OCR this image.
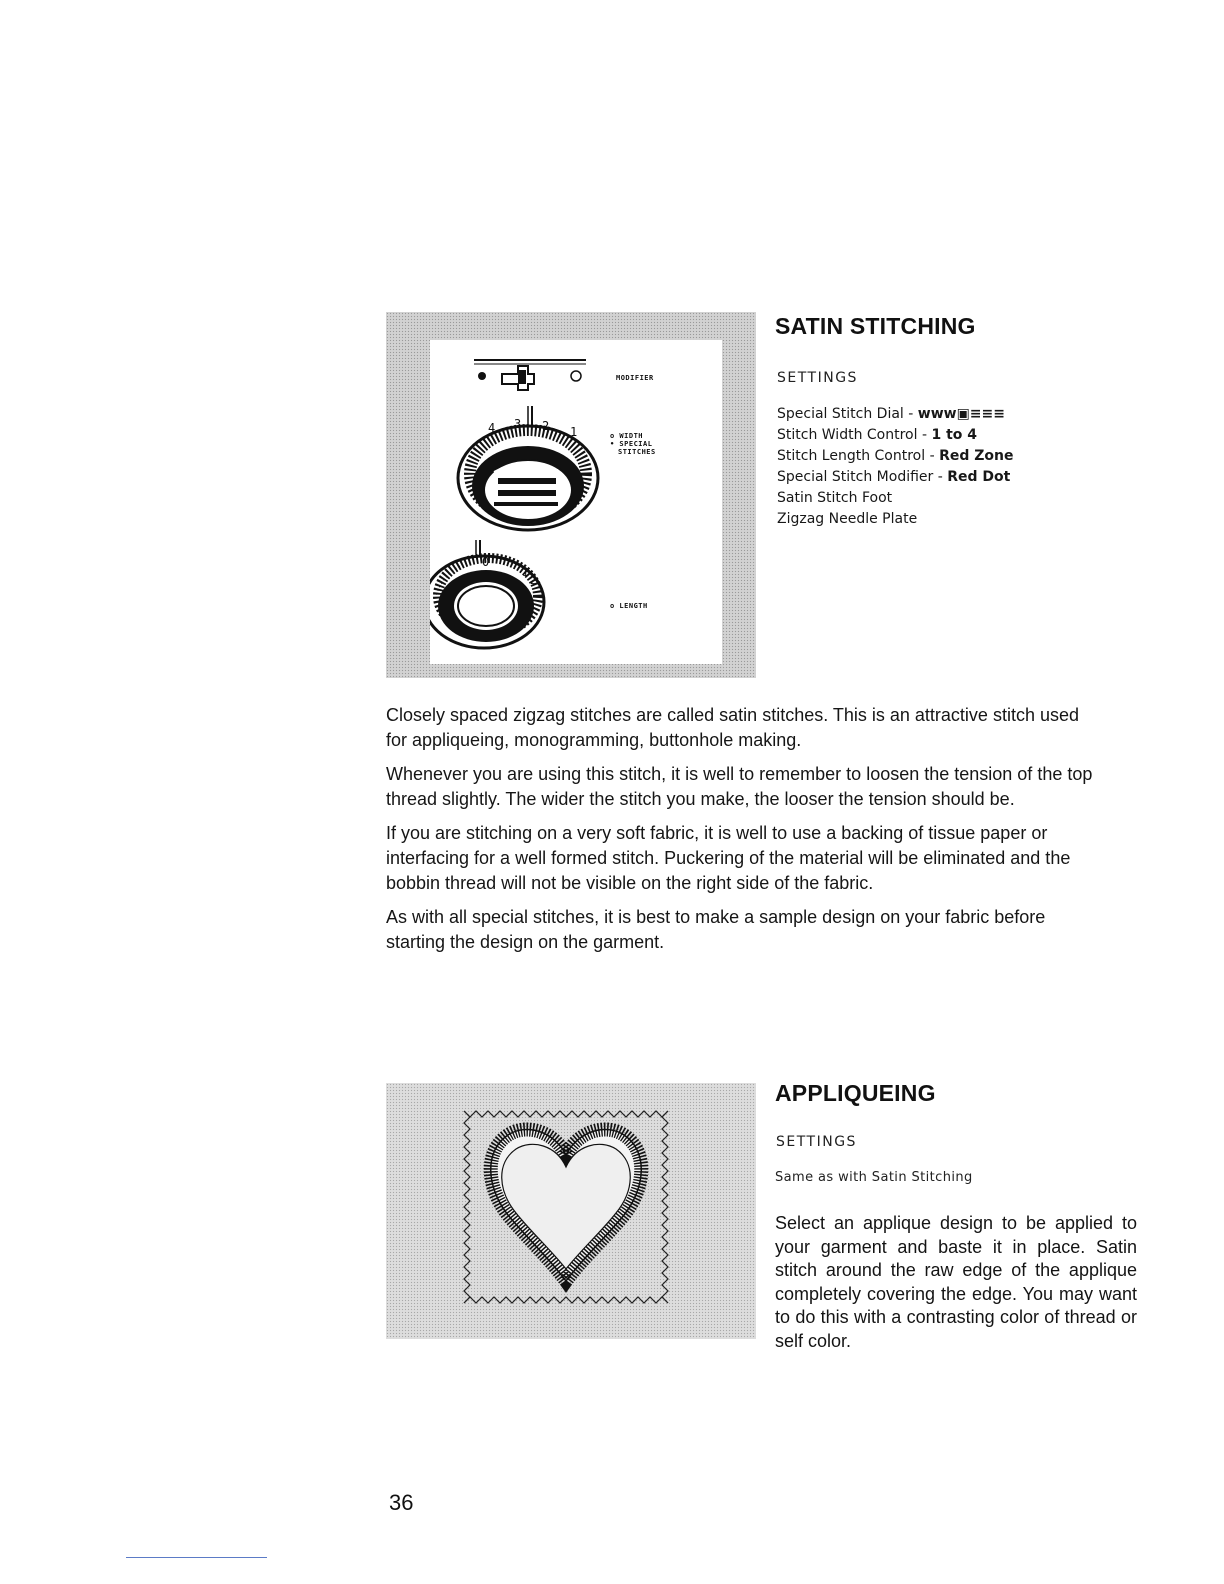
4 3 2 1
0
1
2
MODIFIER
o WIDTH
• SPECIAL
STITCHES
o LENGTH
SATIN STITCHING
SETTINGS
Special Stitch Dial - ᴡᴡᴡ▣≡≡≡
Stitch Width Control - 1 to 4
Stitch Length Control - Red Zone
Special Stitch Modifier - Red Dot
Satin Stitch Foot
Zigzag Needle Plate

Closely spaced zigzag stitches are called satin stitches. This is an attractive stitch used for appliqueing, monogramming, buttonhole making.

Whenever you are using this stitch, it is well to remember to loosen the tension of the top thread slightly. The wider the stitch you make, the looser the tension should be.

If you are stitching on a very soft fabric, it is well to use a backing of tissue paper or interfacing for a well formed stitch. Puckering of the material will be eliminated and the bobbin thread will not be visible on the right side of the fabric.

As with all special stitches, it is best to make a sample design on your fabric before starting the design on the garment.

APPLIQUEING
SETTINGS
Same as with Satin Stitching
Select an applique design to be applied to your garment and baste it in place. Satin stitch around the raw edge of the applique completely covering the edge. You may want to do this with a contrasting color of thread or self color.
36
